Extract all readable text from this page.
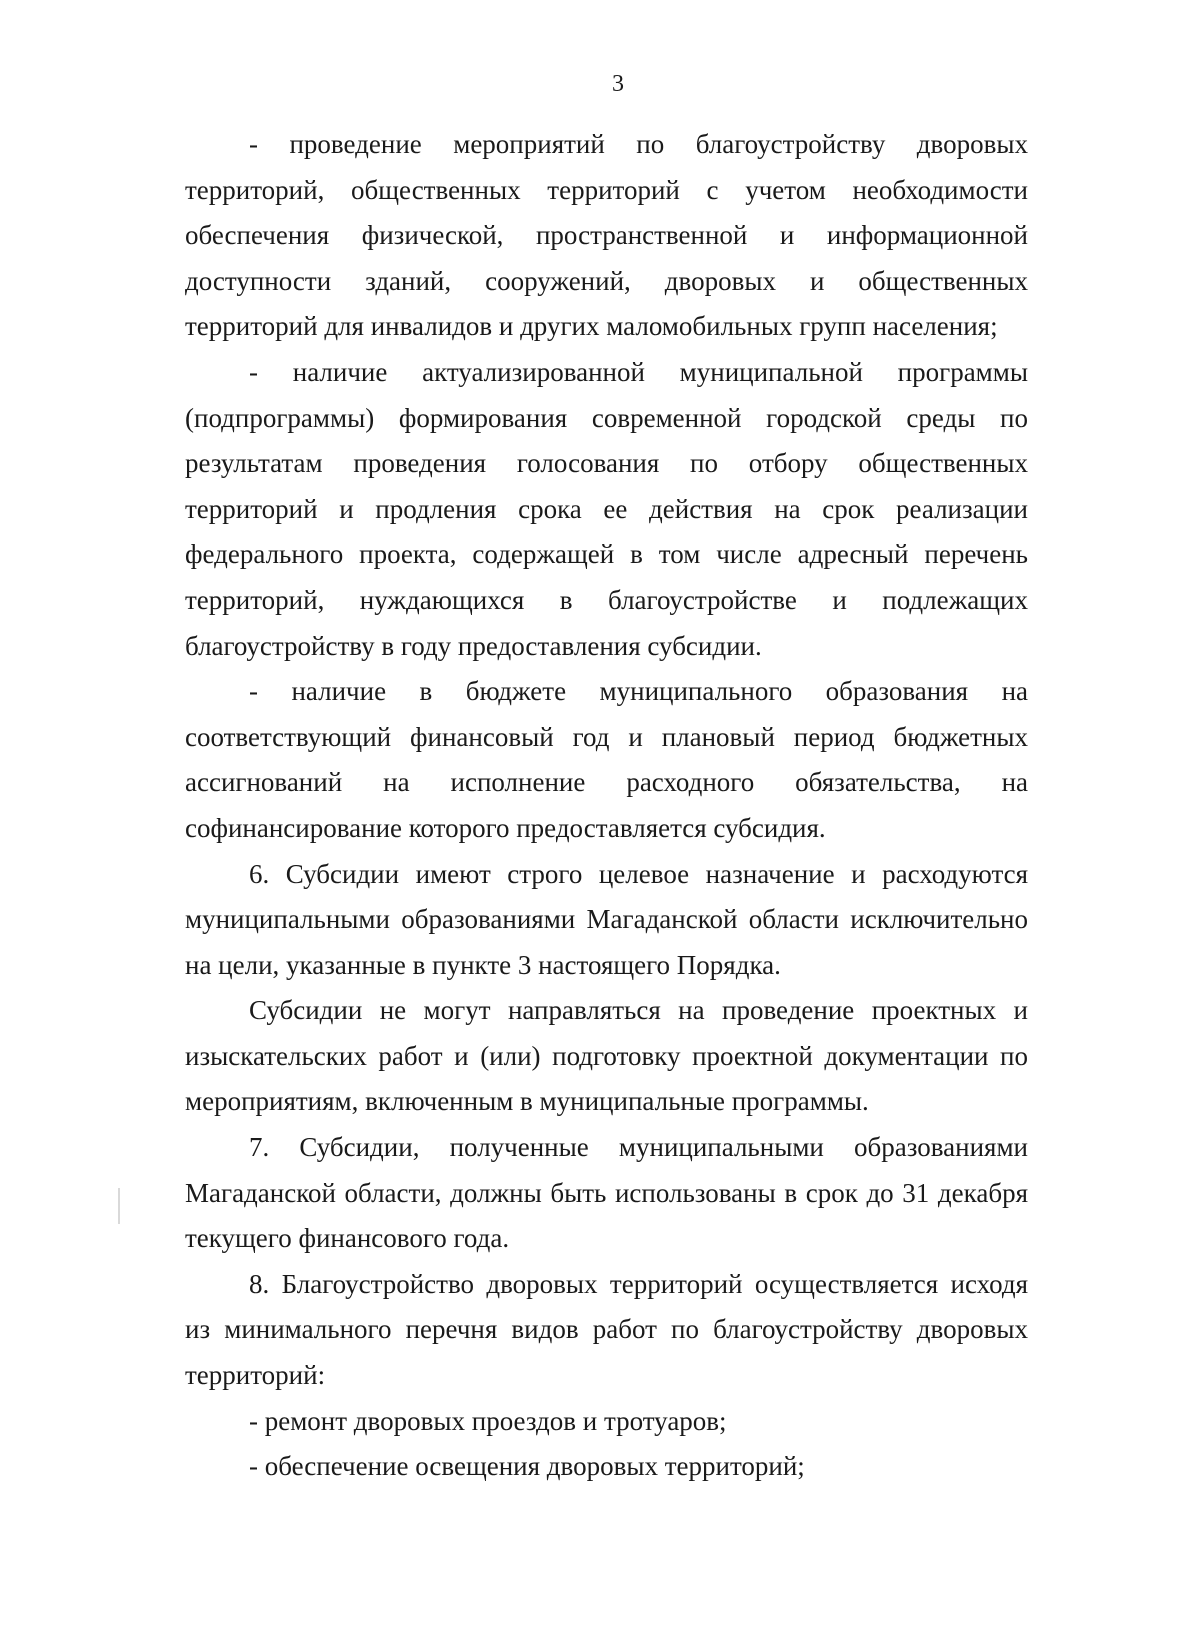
3

- проведение мероприятий по благоустройству дворовых территорий, общественных территорий с учетом необходимости обеспечения физической, пространственной и информационной доступности зданий, сооружений, дворовых и общественных территорий для инвалидов и других маломобильных групп населения;

- наличие актуализированной муниципальной программы (подпрограммы) формирования современной городской среды по результатам проведения голосования по отбору общественных территорий и продления срока ее действия на срок реализации федерального проекта, содержащей в том числе адресный перечень территорий, нуждающихся в благоустройстве и подлежащих благоустройству в году предоставления субсидии.

- наличие в бюджете муниципального образования на соответствующий финансовый год и плановый период бюджетных ассигнований на исполнение расходного обязательства, на софинансирование которого предоставляется субсидия.

6. Субсидии имеют строго целевое назначение и расходуются муниципальными образованиями Магаданской области исключительно на цели, указанные в пункте 3 настоящего Порядка.

Субсидии не могут направляться на проведение проектных и изыскательских работ и (или) подготовку проектной документации по мероприятиям, включенным в муниципальные программы.

7. Субсидии, полученные муниципальными образованиями Магаданской области, должны быть использованы в срок до 31 декабря текущего финансового года.

8. Благоустройство дворовых территорий осуществляется исходя из минимального перечня видов работ по благоустройству дворовых территорий:

- ремонт дворовых проездов и тротуаров;

- обеспечение освещения дворовых территорий;
